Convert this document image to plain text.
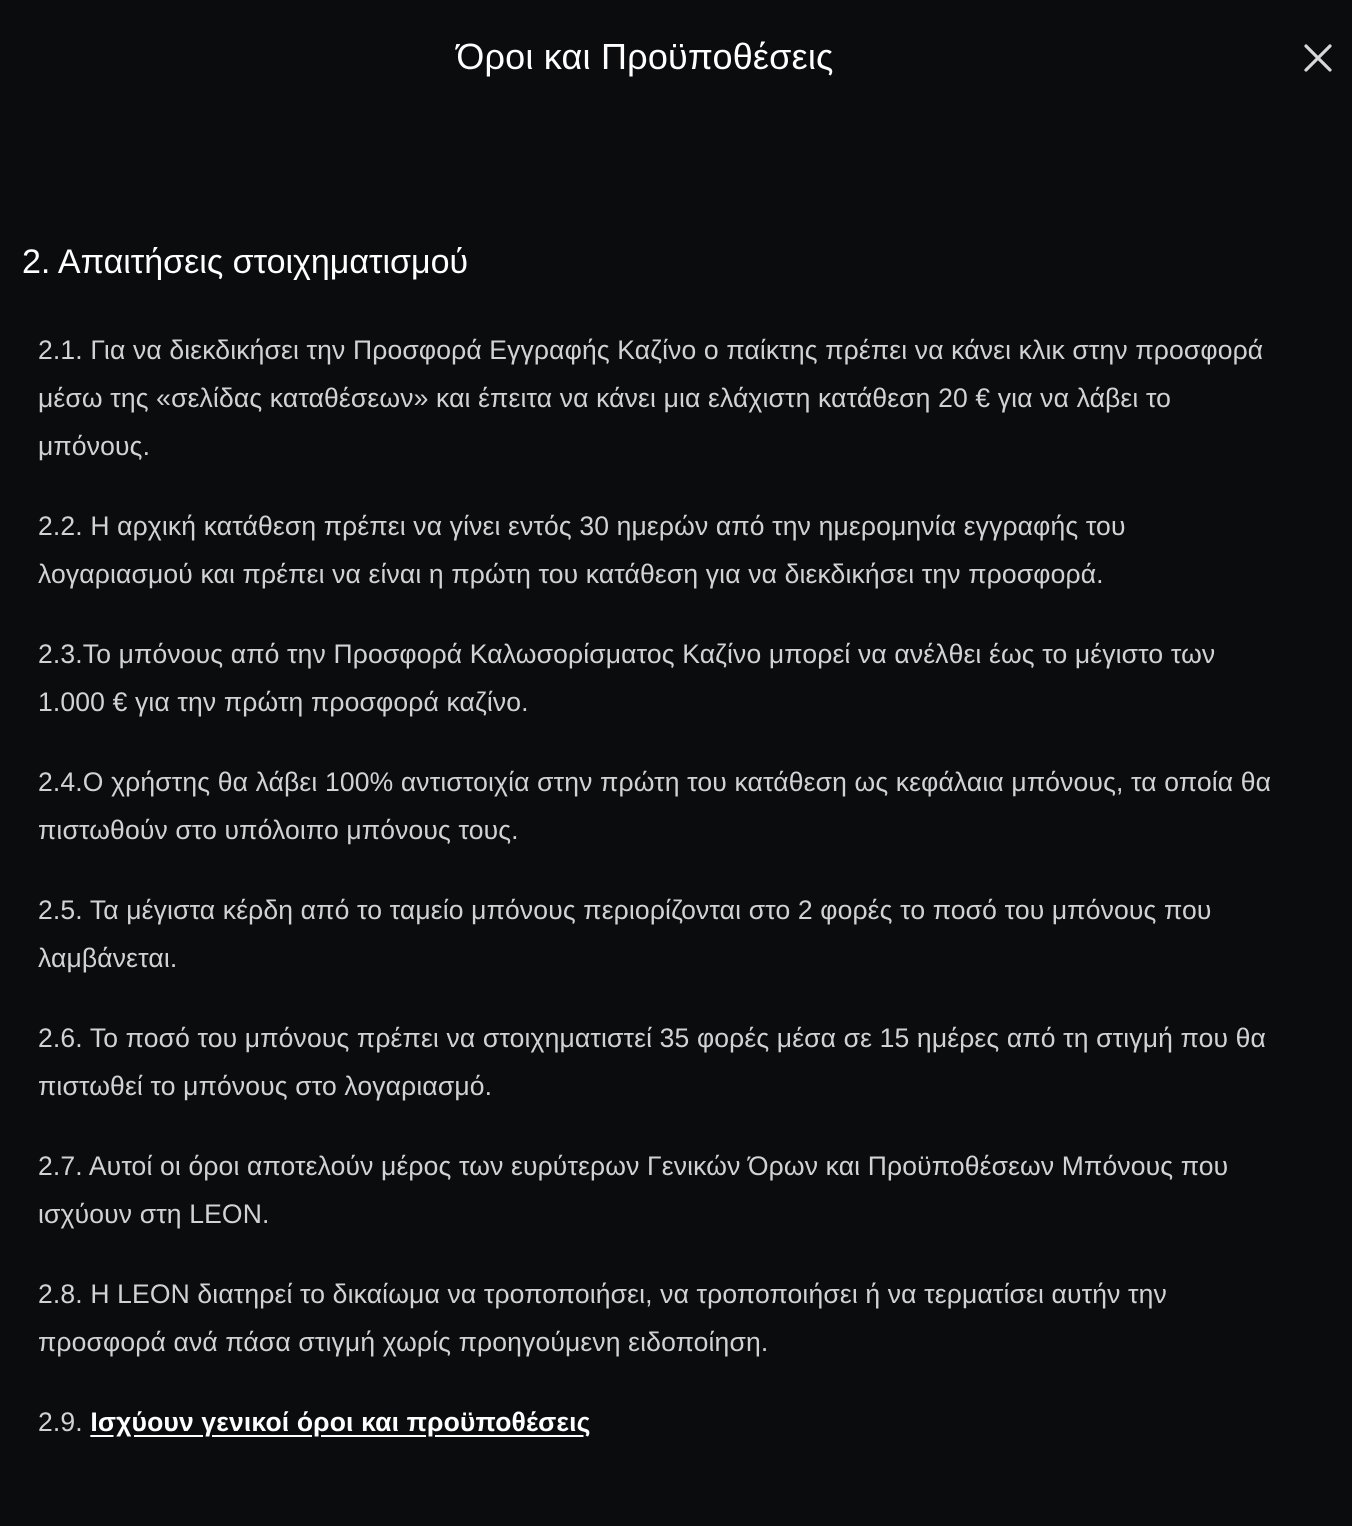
Όροι και Προϋποθέσεις
2. Απαιτήσεις στοιχηματισμού

2.1. Για να διεκδικήσει την Προσφορά Εγγραφής Καζίνο ο παίκτης πρέπει να κάνει κλικ στην προσφορά μέσω της «σελίδας καταθέσεων» και έπειτα να κάνει μια ελάχιστη κατάθεση 20 € για να λάβει το μπόνους.

2.2. Η αρχική κατάθεση πρέπει να γίνει εντός 30 ημερών από την ημερομηνία εγγραφής του λογαριασμού και πρέπει να είναι η πρώτη του κατάθεση για να διεκδικήσει την προσφορά.

2.3.Το μπόνους από την Προσφορά Καλωσορίσματος Καζίνο μπορεί να ανέλθει έως το μέγιστο των 1.000 € για την πρώτη προσφορά καζίνο.

2.4.Ο χρήστης θα λάβει 100% αντιστοιχία στην πρώτη του κατάθεση ως κεφάλαια μπόνους, τα οποία θα πιστωθούν στο υπόλοιπο μπόνους τους.

2.5. Τα μέγιστα κέρδη από το ταμείο μπόνους περιορίζονται στο 2 φορές το ποσό του μπόνους που λαμβάνεται.

2.6. Το ποσό του μπόνους πρέπει να στοιχηματιστεί 35 φορές μέσα σε 15 ημέρες από τη στιγμή που θα πιστωθεί το μπόνους στο λογαριασμό.

2.7. Αυτοί οι όροι αποτελούν μέρος των ευρύτερων Γενικών Όρων και Προϋποθέσεων Μπόνους που ισχύουν στη LEON.

2.8. Η LEON διατηρεί το δικαίωμα να τροποποιήσει, να τροποποιήσει ή να τερματίσει αυτήν την προσφορά ανά πάσα στιγμή χωρίς προηγούμενη ειδοποίηση.

2.9. Ισχύουν γενικοί όροι και προϋποθέσεις
